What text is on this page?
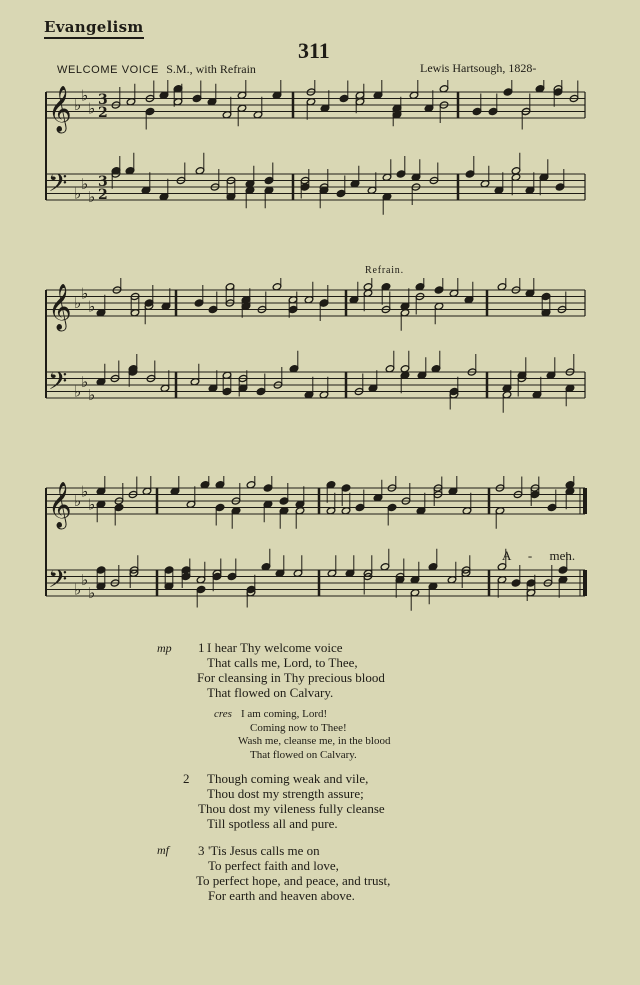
Evangelism
311
WELCOME VOICE S.M., with Refrain	Lewis Hartsough, 1828-
𝄞 ♭
♭
♭ 3
2
𝄢 ♭
♭
♭
3
2
Refrain.
𝄞 ♭
♭
♭
𝄢 ♭
♭
♭
𝄞 ♭
♭
♭
𝄢 ♭
♭
♭
A - men.
mp 1 I hear Thy welcome voice
That calls me, Lord, to Thee,
For cleansing in Thy precious blood
That flowed on Calvary.
cres I am coming, Lord!
Coming now to Thee!
Wash me, cleanse me, in the blood
That flowed on Calvary.
2 Though coming weak and vile,
Thou dost my strength assure;
Thou dost my vileness fully cleanse
Till spotless all and pure.
mf 3 'Tis Jesus calls me on
To perfect faith and love,
To perfect hope, and peace, and trust,
For earth and heaven above.
